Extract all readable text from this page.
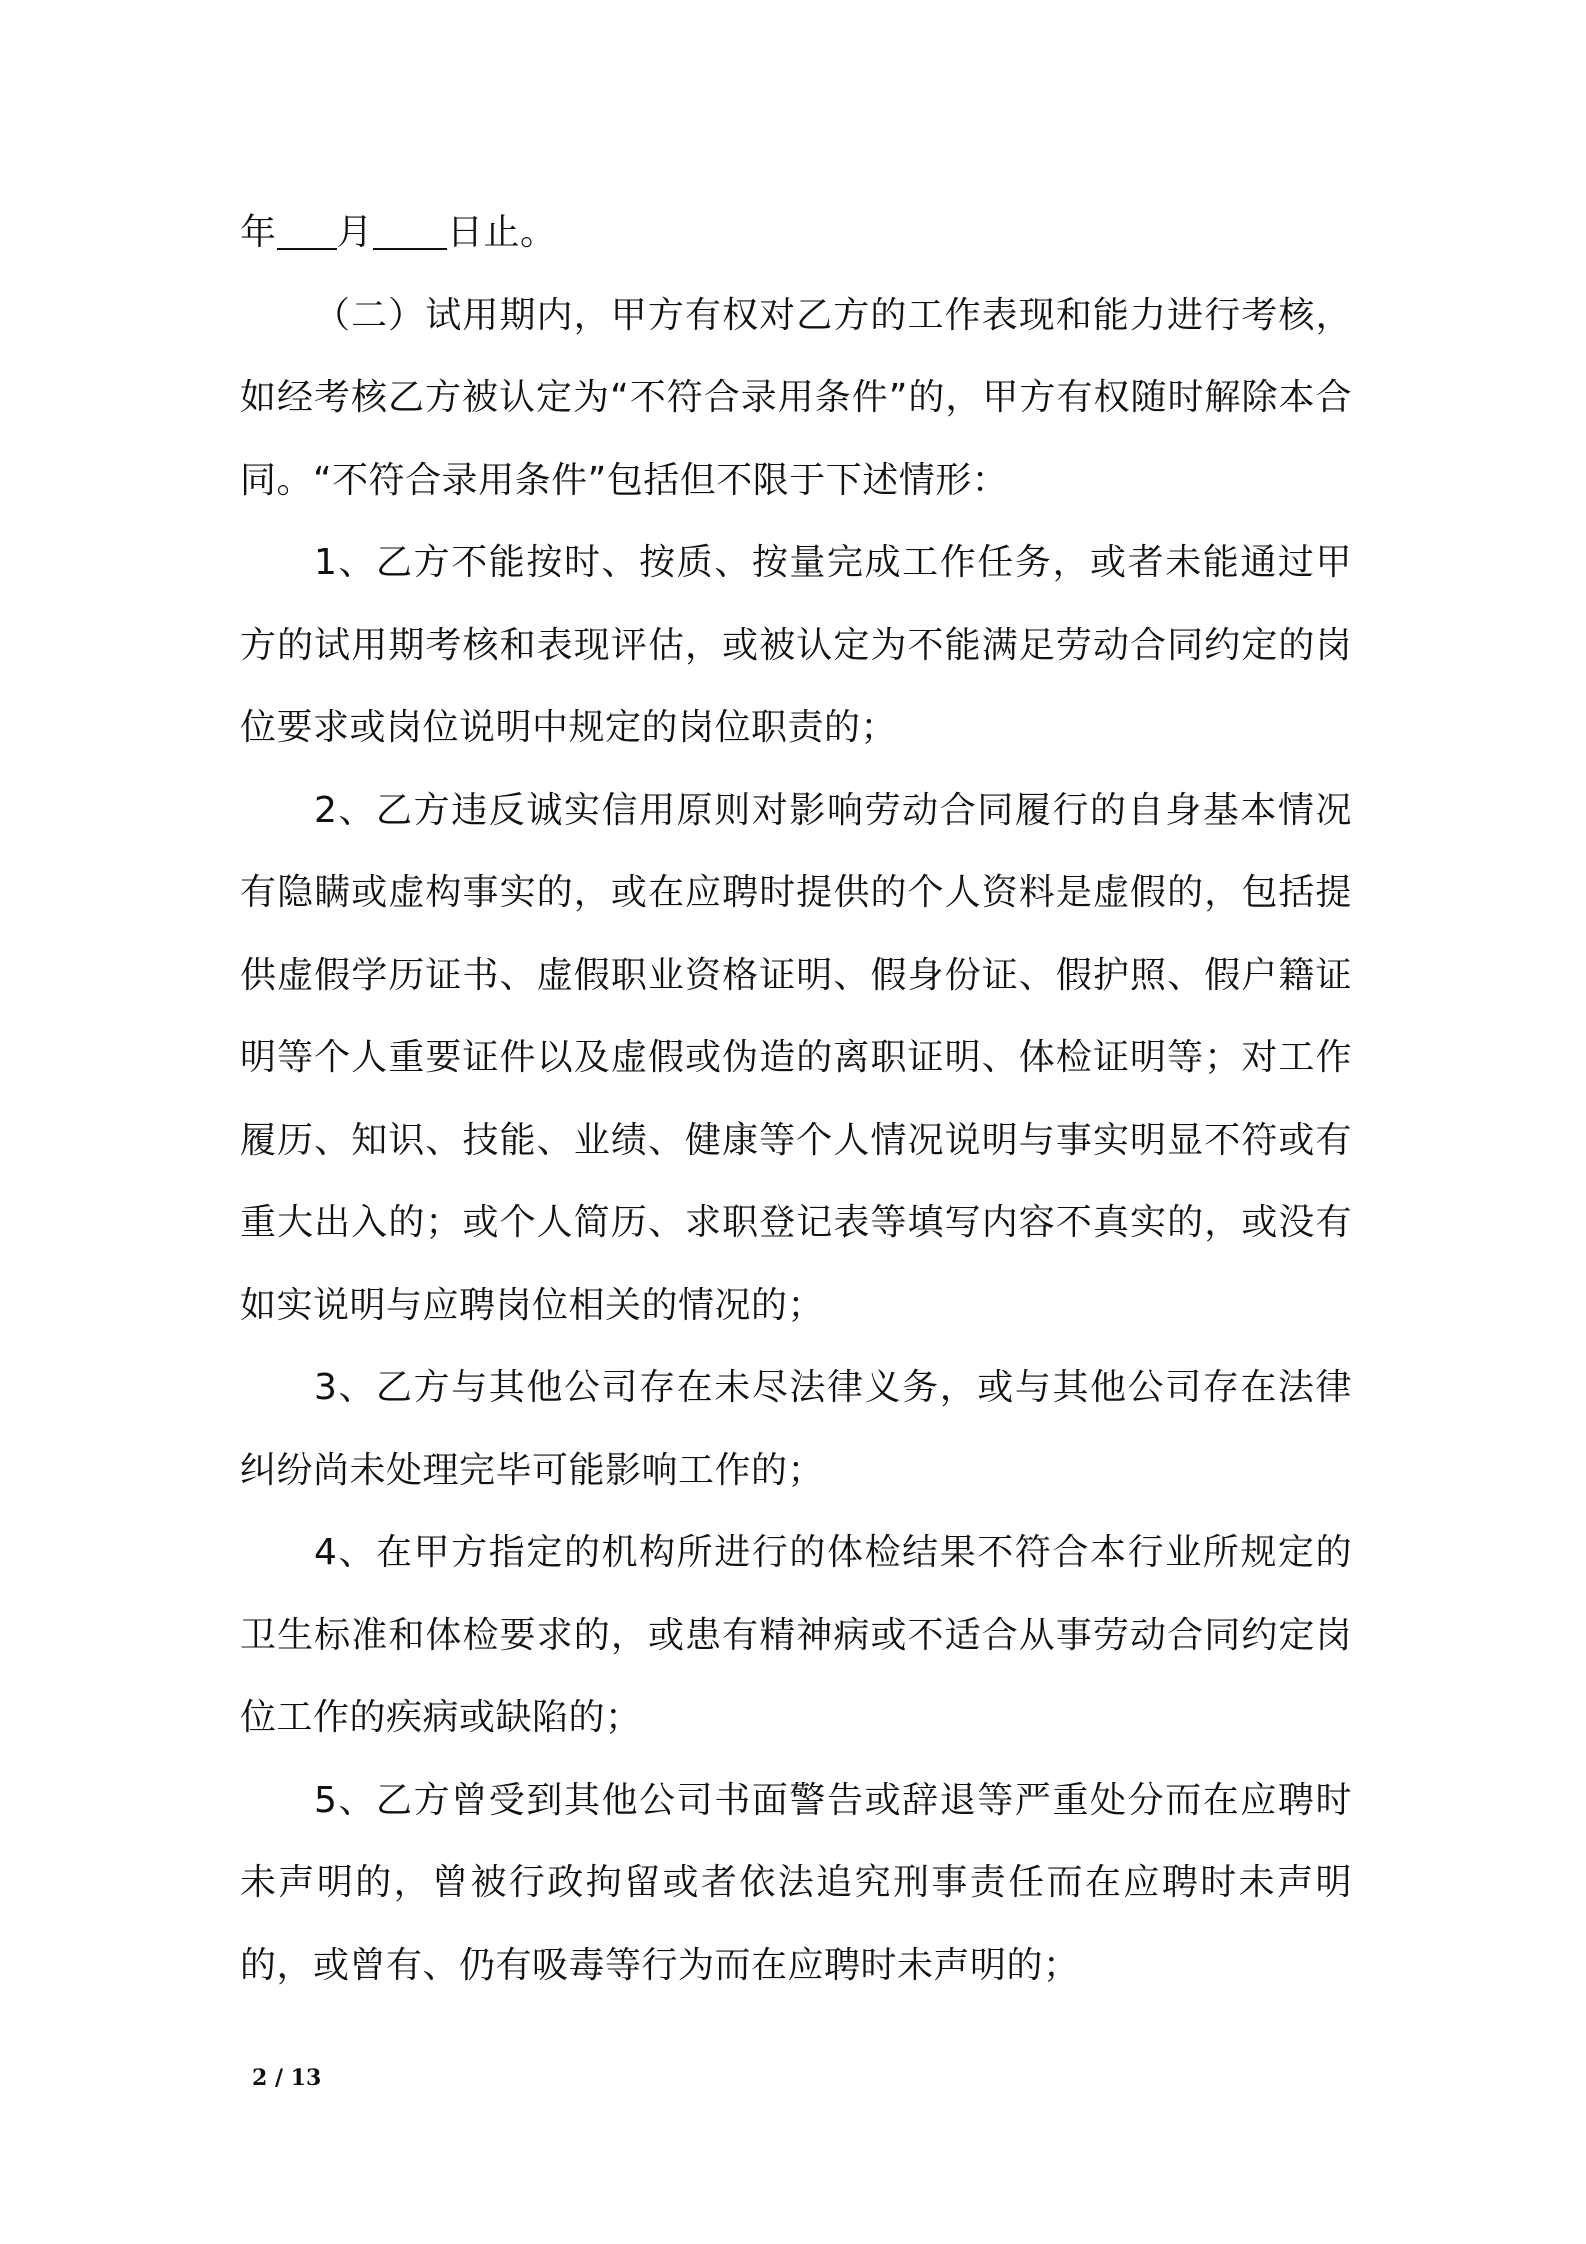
年 月 日止。

（二）试用期内，甲方有权对乙方的工作表现和能力进行考核，如经考核乙方被认定为“不符合录用条件”的，甲方有权随时解除本合同。“不符合录用条件”包括但不限于下述情形：

1、乙方不能按时、按质、按量完成工作任务，或者未能通过甲方的试用期考核和表现评估，或被认定为不能满足劳动合同约定的岗位要求或岗位说明中规定的岗位职责的；

2、乙方违反诚实信用原则对影响劳动合同履行的自身基本情况有隐瞒或虚构事实的，或在应聘时提供的个人资料是虚假的，包括提供虚假学历证书、虚假职业资格证明、假身份证、假护照、假户籍证明等个人重要证件以及虚假或伪造的离职证明、体检证明等；对工作履历、知识、技能、业绩、健康等个人情况说明与事实明显不符或有重大出入的；或个人简历、求职登记表等填写内容不真实的，或没有如实说明与应聘岗位相关的情况的；

3、乙方与其他公司存在未尽法律义务，或与其他公司存在法律纠纷尚未处理完毕可能影响工作的；

4、在甲方指定的机构所进行的体检结果不符合本行业所规定的卫生标准和体检要求的，或患有精神病或不适合从事劳动合同约定岗位工作的疾病或缺陷的；

5、乙方曾受到其他公司书面警告或辞退等严重处分而在应聘时未声明的，曾被行政拘留或者依法追究刑事责任而在应聘时未声明的，或曾有、仍有吸毒等行为而在应聘时未声明的；

2 / 13
